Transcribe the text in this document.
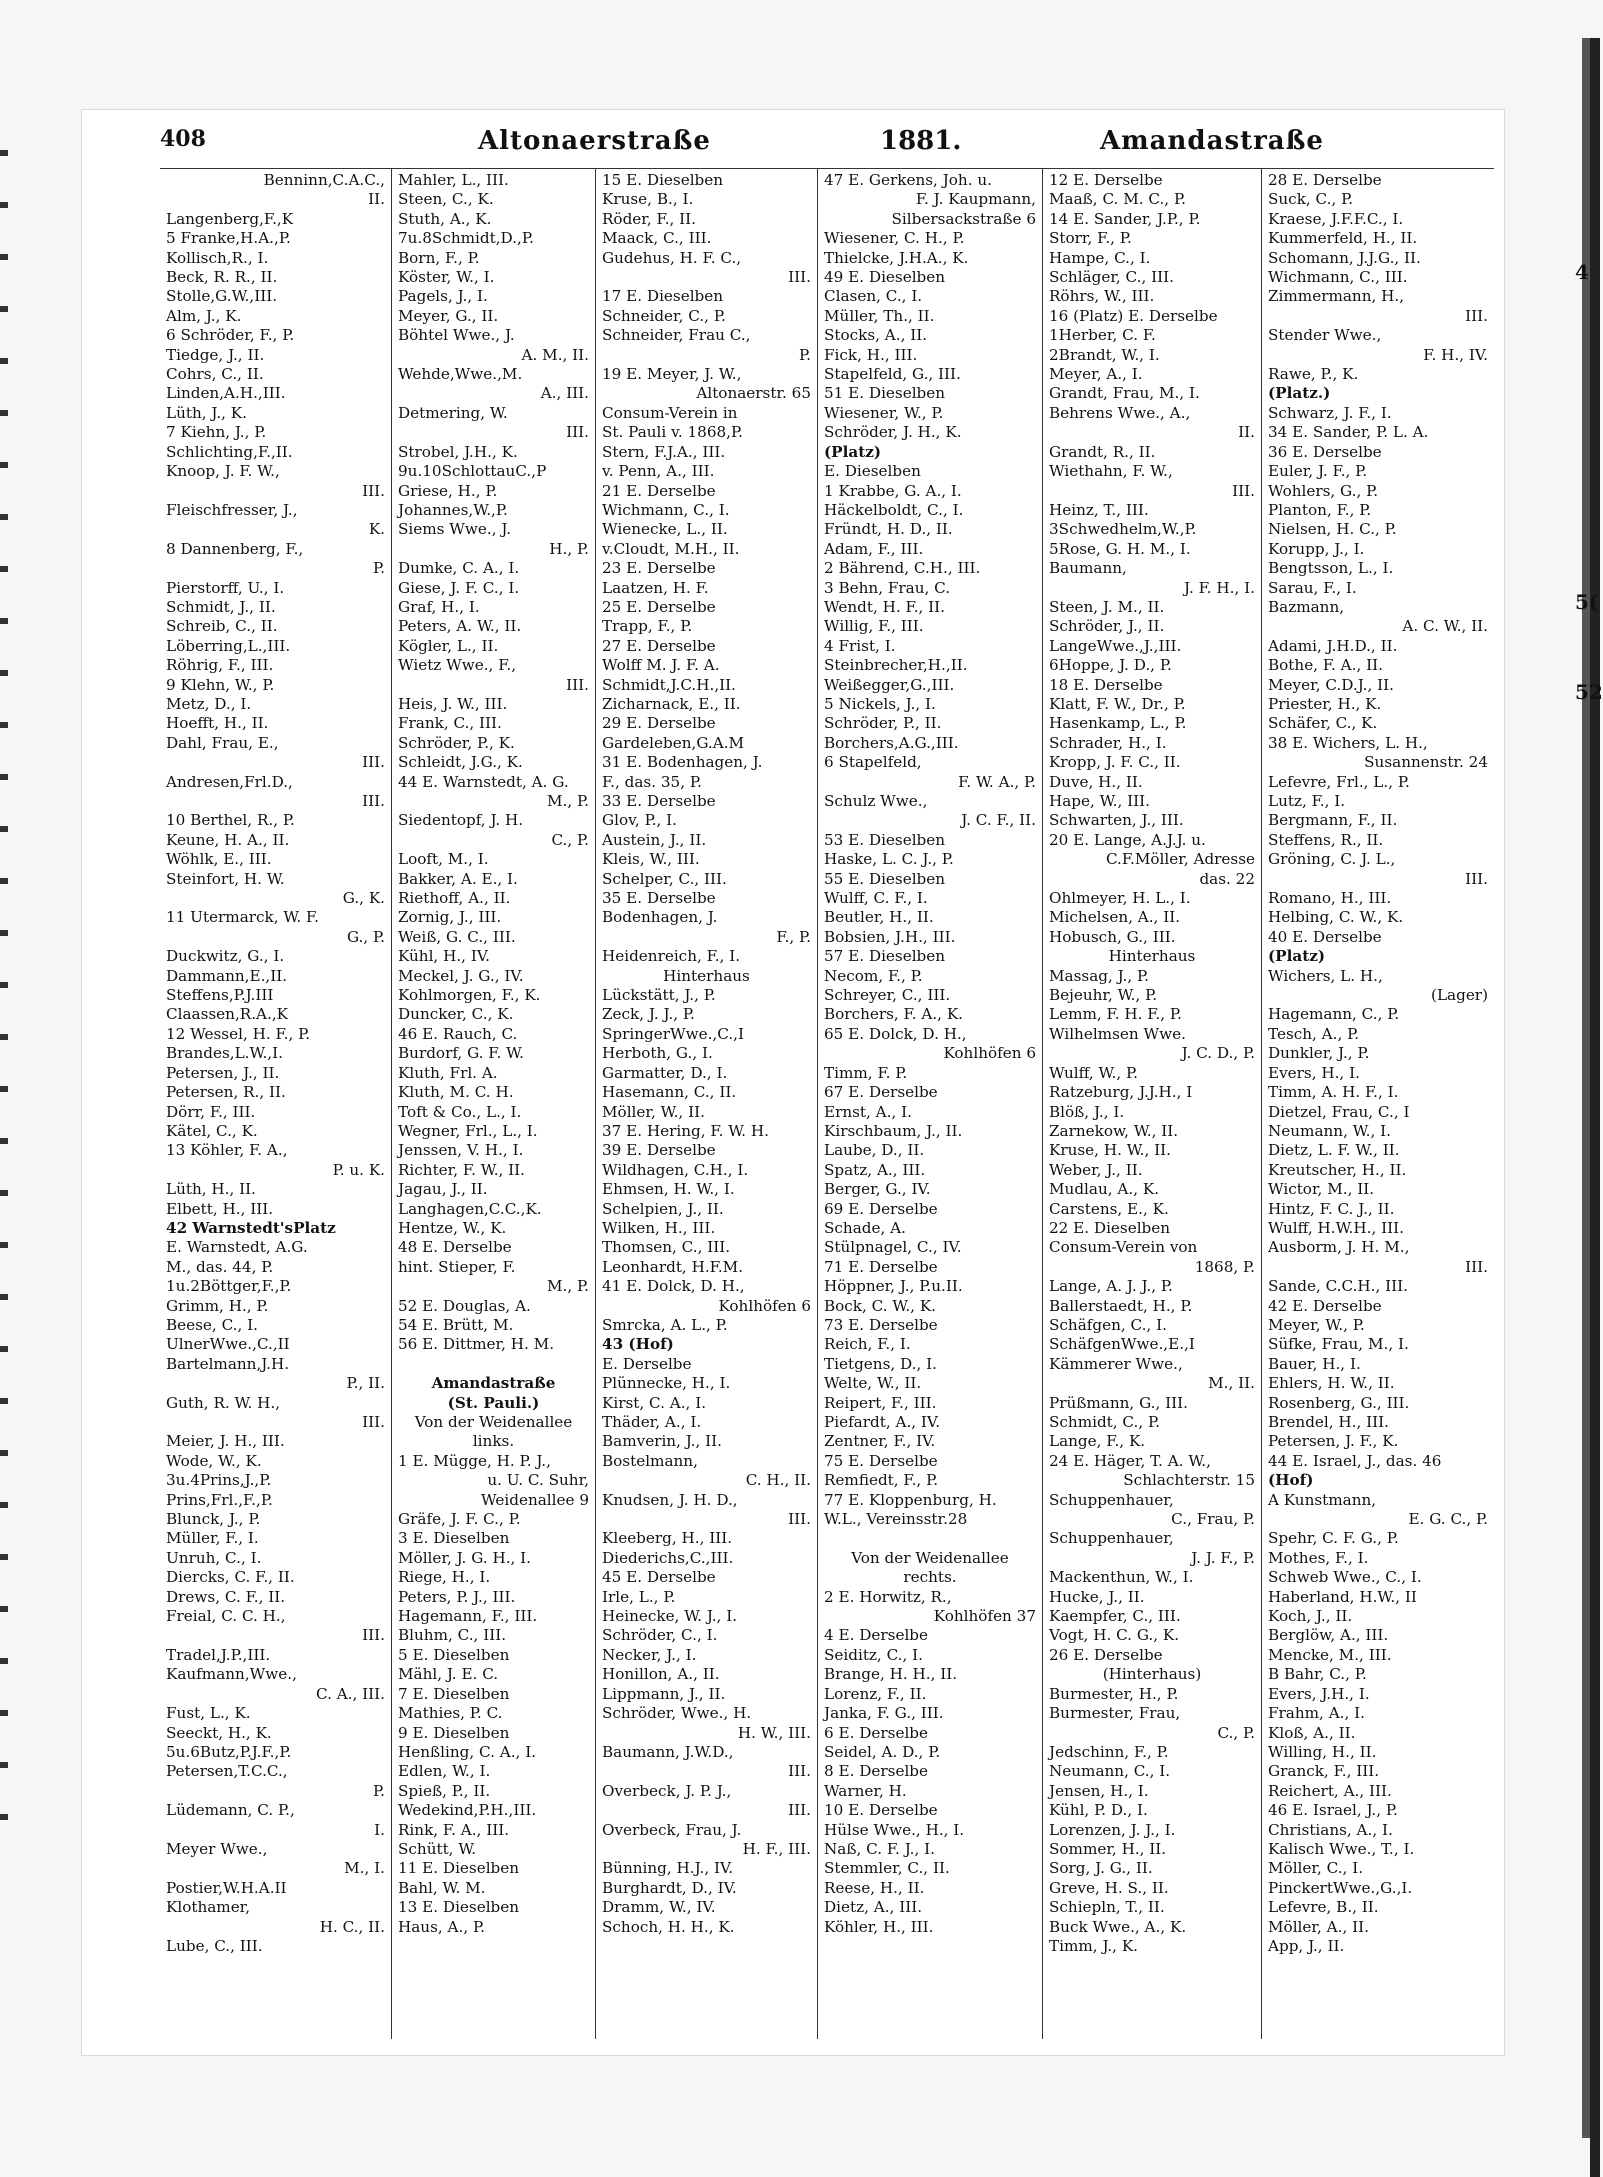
4
5(
52
408	Altonaerstraße	1881.	Amandastraße
Benninn,C.A.C.,
II.
Langenberg,F.,K
5 Franke,H.A.,P.
Kollisch,R., I.
Beck, R. R., II.
Stolle,G.W.,III.
Alm, J., K.
6 Schröder, F., P.
Tiedge, J., II.
Cohrs, C., II.
Linden,A.H.,III.
Lüth, J., K.
7 Kiehn, J., P.
Schlichting,F.,II.
Knoop, J. F. W.,
III.
Fleischfresser, J.,
K.
8 Dannenberg, F.,
P.
Pierstorff, U., I.
Schmidt, J., II.
Schreib, C., II.
Löberring,L.,III.
Röhrig, F., III.
9 Klehn, W., P.
Metz, D., I.
Hoefft, H., II.
Dahl, Frau, E.,
III.
Andresen,Frl.D.,
III.
10 Berthel, R., P.
Keune, H. A., II.
Wöhlk, E., III.
Steinfort, H. W.
G., K.
11 Utermarck, W. F.
G., P.
Duckwitz, G., I.
Dammann,E.,II.
Steffens,P.J.III
Claassen,R.A.,K
12 Wessel, H. F., P.
Brandes,L.W.,I.
Petersen, J., II.
Petersen, R., II.
Dörr, F., III.
Kätel, C., K.
13 Köhler, F. A.,
P. u. K.
Lüth, H., II.
Elbett, H., III.
42 Warnstedt'sPlatz
E. Warnstedt, A.G.
M., das. 44, P.
1u.2Böttger,F.,P.
Grimm, H., P.
Beese, C., I.
UlnerWwe.,C.,II
Bartelmann,J.H.
P., II.
Guth, R. W. H.,
III.
Meier, J. H., III.
Wode, W., K.
3u.4Prins,J.,P.
Prins,Frl.,F.,P.
Blunck, J., P.
Müller, F., I.
Unruh, C., I.
Diercks, C. F., II.
Drews, C. F., II.
Freial, C. C. H.,
III.
Tradel,J.P.,III.
Kaufmann,Wwe.,
C. A., III.
Fust, L., K.
Seeckt, H., K.
5u.6Butz,P.J.F.,P.
Petersen,T.C.C.,
P.
Lüdemann, C. P.,
I.
Meyer Wwe.,
M., I.
Postier,W.H.A.II
Klothamer,
H. C., II.
Lube, C., III.
Mahler, L., III.
Steen, C., K.
Stuth, A., K.
7u.8Schmidt,D.,P.
Born, F., P.
Köster, W., I.
Pagels, J., I.
Meyer, G., II.
Böhtel Wwe., J.
A. M., II.
Wehde,Wwe.,M.
A., III.
Detmering, W.
III.
Strobel, J.H., K.
9u.10SchlottauC.,P
Griese, H., P.
Johannes,W.,P.
Siems Wwe., J.
H., P.
Dumke, C. A., I.
Giese, J. F. C., I.
Graf, H., I.
Peters, A. W., II.
Kögler, L., II.
Wietz Wwe., F.,
III.
Heis, J. W., III.
Frank, C., III.
Schröder, P., K.
Schleidt, J.G., K.
44 E. Warnstedt, A. G.
M., P.
Siedentopf, J. H.
C., P.
Looft, M., I.
Bakker, A. E., I.
Riethoff, A., II.
Zornig, J., III.
Weiß, G. C., III.
Kühl, H., IV.
Meckel, J. G., IV.
Kohlmorgen, F., K.
Duncker, C., K.
46 E. Rauch, C.
Burdorf, G. F. W.
Kluth, Frl. A.
Kluth, M. C. H.
Toft & Co., L., I.
Wegner, Frl., L., I.
Jenssen, V. H., I.
Richter, F. W., II.
Jagau, J., II.
Langhagen,C.C.,K.
Hentze, W., K.
48 E. Derselbe
hint. Stieper, F.
M., P.
52 E. Douglas, A.
54 E. Brütt, M.
56 E. Dittmer, H. M.

Amandastraße
(St. Pauli.)
Von der Weidenallee
links.
1 E. Mügge, H. P. J.,
u. U. C. Suhr,
Weidenallee 9
Gräfe, J. F. C., P.
3 E. Dieselben
Möller, J. G. H., I.
Riege, H., I.
Peters, P. J., III.
Hagemann, F., III.
Bluhm, C., III.
5 E. Dieselben
Mähl, J. E. C.
7 E. Dieselben
Mathies, P. C.
9 E. Dieselben
Henßling, C. A., I.
Edlen, W., I.
Spieß, P., II.
Wedekind,P.H.,III.
Rink, F. A., III.
Schütt, W.
11 E. Dieselben
Bahl, W. M.
13 E. Dieselben
Haus, A., P.
15 E. Dieselben
Kruse, B., I.
Röder, F., II.
Maack, C., III.
Gudehus, H. F. C.,
III.
17 E. Dieselben
Schneider, C., P.
Schneider, Frau C.,
P.
19 E. Meyer, J. W.,
Altonaerstr. 65
Consum-Verein in
St. Pauli v. 1868,P.
Stern, F.J.A., III.
v. Penn, A., III.
21 E. Derselbe
Wichmann, C., I.
Wienecke, L., II.
v.Cloudt, M.H., II.
23 E. Derselbe
Laatzen, H. F.
25 E. Derselbe
Trapp, F., P.
27 E. Derselbe
Wolff M. J. F. A.
Schmidt,J.C.H.,II.
Zicharnack, E., II.
29 E. Derselbe
Gardeleben,G.A.M
31 E. Bodenhagen, J.
F., das. 35, P.
33 E. Derselbe
Glov, P., I.
Austein, J., II.
Kleis, W., III.
Schelper, C., III.
35 E. Derselbe
Bodenhagen, J.
F., P.
Heidenreich, F., I.
Hinterhaus
Lückstätt, J., P.
Zeck, J. J., P.
SpringerWwe.,C.,I
Herboth, G., I.
Garmatter, D., I.
Hasemann, C., II.
Möller, W., II.
37 E. Hering, F. W. H.
39 E. Derselbe
Wildhagen, C.H., I.
Ehmsen, H. W., I.
Schelpien, J., II.
Wilken, H., III.
Thomsen, C., III.
Leonhardt, H.F.M.
41 E. Dolck, D. H.,
Kohlhöfen 6
Smrcka, A. L., P.
43 (Hof)
E. Derselbe
Plünnecke, H., I.
Kirst, C. A., I.
Thäder, A., I.
Bamverin, J., II.
Bostelmann,
C. H., II.
Knudsen, J. H. D.,
III.
Kleeberg, H., III.
Diederichs,C.,III.
45 E. Derselbe
Irle, L., P.
Heinecke, W. J., I.
Schröder, C., I.
Necker, J., I.
Honillon, A., II.
Lippmann, J., II.
Schröder, Wwe., H.
H. W., III.
Baumann, J.W.D.,
III.
Overbeck, J. P. J.,
III.
Overbeck, Frau, J.
H. F., III.
Bünning, H.J., IV.
Burghardt, D., IV.
Dramm, W., IV.
Schoch, H. H., K.
47 E. Gerkens, Joh. u.
F. J. Kaupmann,
Silbersackstraße 6
Wiesener, C. H., P.
Thielcke, J.H.A., K.
49 E. Dieselben
Clasen, C., I.
Müller, Th., II.
Stocks, A., II.
Fick, H., III.
Stapelfeld, G., III.
51 E. Dieselben
Wiesener, W., P.
Schröder, J. H., K.
(Platz)
E. Dieselben
1 Krabbe, G. A., I.
Häckelboldt, C., I.
Fründt, H. D., II.
Adam, F., III.
2 Bährend, C.H., III.
3 Behn, Frau, C.
Wendt, H. F., II.
Willig, F., III.
4 Frist, I.
Steinbrecher,H.,II.
Weißegger,G.,III.
5 Nickels, J., I.
Schröder, P., II.
Borchers,A.G.,III.
6 Stapelfeld,
F. W. A., P.
Schulz Wwe.,
J. C. F., II.
53 E. Dieselben
Haske, L. C. J., P.
55 E. Dieselben
Wulff, C. F., I.
Beutler, H., II.
Bobsien, J.H., III.
57 E. Dieselben
Necom, F., P.
Schreyer, C., III.
Borchers, F. A., K.
65 E. Dolck, D. H.,
Kohlhöfen 6
Timm, F. P.
67 E. Derselbe
Ernst, A., I.
Kirschbaum, J., II.
Laube, D., II.
Spatz, A., III.
Berger, G., IV.
69 E. Derselbe
Schade, A.
Stülpnagel, C., IV.
71 E. Derselbe
Höppner, J., P.u.II.
Bock, C. W., K.
73 E. Derselbe
Reich, F., I.
Tietgens, D., I.
Welte, W., II.
Reipert, F., III.
Piefardt, A., IV.
Zentner, F., IV.
75 E. Derselbe
Remfiedt, F., P.
77 E. Kloppenburg, H.
W.L., Vereinsstr.28

Von der Weidenallee
rechts.
2 E. Horwitz, R.,
Kohlhöfen 37
4 E. Derselbe
Seiditz, C., I.
Brange, H. H., II.
Lorenz, F., II.
Janka, F. G., III.
6 E. Derselbe
Seidel, A. D., P.
8 E. Derselbe
Warner, H.
10 E. Derselbe
Hülse Wwe., H., I.
Naß, C. F. J., I.
Stemmler, C., II.
Reese, H., II.
Dietz, A., III.
Köhler, H., III.
12 E. Derselbe
Maaß, C. M. C., P.
14 E. Sander, J.P., P.
Storr, F., P.
Hampe, C., I.
Schläger, C., III.
Röhrs, W., III.
16 (Platz) E. Derselbe
1Herber, C. F.
2Brandt, W., I.
Meyer, A., I.
Grandt, Frau, M., I.
Behrens Wwe., A.,
II.
Grandt, R., II.
Wiethahn, F. W.,
III.
Heinz, T., III.
3Schwedhelm,W.,P.
5Rose, G. H. M., I.
Baumann,
J. F. H., I.
Steen, J. M., II.
Schröder, J., II.
LangeWwe.,J.,III.
6Hoppe, J. D., P.
18 E. Derselbe
Klatt, F. W., Dr., P.
Hasenkamp, L., P.
Schrader, H., I.
Kropp, J. F. C., II.
Duve, H., II.
Hape, W., III.
Schwarten, J., III.
20 E. Lange, A.J.J. u.
C.F.Möller, Adresse
das. 22
Ohlmeyer, H. L., I.
Michelsen, A., II.
Hobusch, G., III.
Hinterhaus
Massag, J., P.
Bejeuhr, W., P.
Lemm, F. H. F., P.
Wilhelmsen Wwe.
J. C. D., P.
Wulff, W., P.
Ratzeburg, J.J.H., I
Blöß, J., I.
Zarnekow, W., II.
Kruse, H. W., II.
Weber, J., II.
Mudlau, A., K.
Carstens, E., K.
22 E. Dieselben
Consum-Verein von
1868, P.
Lange, A. J. J., P.
Ballerstaedt, H., P.
Schäfgen, C., I.
SchäfgenWwe.,E.,I
Kämmerer Wwe.,
M., II.
Prüßmann, G., III.
Schmidt, C., P.
Lange, F., K.
24 E. Häger, T. A. W.,
Schlachterstr. 15
Schuppenhauer,
C., Frau, P.
Schuppenhauer,
J. J. F., P.
Mackenthun, W., I.
Hucke, J., II.
Kaempfer, C., III.
Vogt, H. C. G., K.
26 E. Derselbe
(Hinterhaus)
Burmester, H., P.
Burmester, Frau,
C., P.
Jedschinn, F., P.
Neumann, C., I.
Jensen, H., I.
Kühl, P. D., I.
Lorenzen, J. J., I.
Sommer, H., II.
Sorg, J. G., II.
Greve, H. S., II.
Schiepln, T., II.
Buck Wwe., A., K.
Timm, J., K.
28 E. Derselbe
Suck, C., P.
Kraese, J.F.F.C., I.
Kummerfeld, H., II.
Schomann, J.J.G., II.
Wichmann, C., III.
Zimmermann, H.,
III.
Stender Wwe.,
F. H., IV.
Rawe, P., K.
(Platz.)
Schwarz, J. F., I.
34 E. Sander, P. L. A.
36 E. Derselbe
Euler, J. F., P.
Wohlers, G., P.
Planton, F., P.
Nielsen, H. C., P.
Korupp, J., I.
Bengtsson, L., I.
Sarau, F., I.
Bazmann,
A. C. W., II.
Adami, J.H.D., II.
Bothe, F. A., II.
Meyer, C.D.J., II.
Priester, H., K.
Schäfer, C., K.
38 E. Wichers, L. H.,
Susannenstr. 24
Lefevre, Frl., L., P.
Lutz, F., I.
Bergmann, F., II.
Steffens, R., II.
Gröning, C. J. L.,
III.
Romano, H., III.
Helbing, C. W., K.
40 E. Derselbe
(Platz)
Wichers, L. H.,
(Lager)
Hagemann, C., P.
Tesch, A., P.
Dunkler, J., P.
Evers, H., I.
Timm, A. H. F., I.
Dietzel, Frau, C., I
Neumann, W., I.
Dietz, L. F. W., II.
Kreutscher, H., II.
Wictor, M., II.
Hintz, F. C. J., II.
Wulff, H.W.H., III.
Ausborm, J. H. M.,
III.
Sande, C.C.H., III.
42 E. Derselbe
Meyer, W., P.
Süfke, Frau, M., I.
Bauer, H., I.
Ehlers, H. W., II.
Rosenberg, G., III.
Brendel, H., III.
Petersen, J. F., K.
44 E. Israel, J., das. 46
(Hof)
A Kunstmann,
E. G. C., P.
Spehr, C. F. G., P.
Mothes, F., I.
Schweb Wwe., C., I.
Haberland, H.W., II
Koch, J., II.
Berglöw, A., III.
Mencke, M., III.
B Bahr, C., P.
Evers, J.H., I.
Frahm, A., I.
Kloß, A., II.
Willing, H., II.
Granck, F., III.
Reichert, A., III.
46 E. Israel, J., P.
Christians, A., I.
Kalisch Wwe., T., I.
Möller, C., I.
PinckertWwe.,G.,I.
Lefevre, B., II.
Möller, A., II.
App, J., II.
